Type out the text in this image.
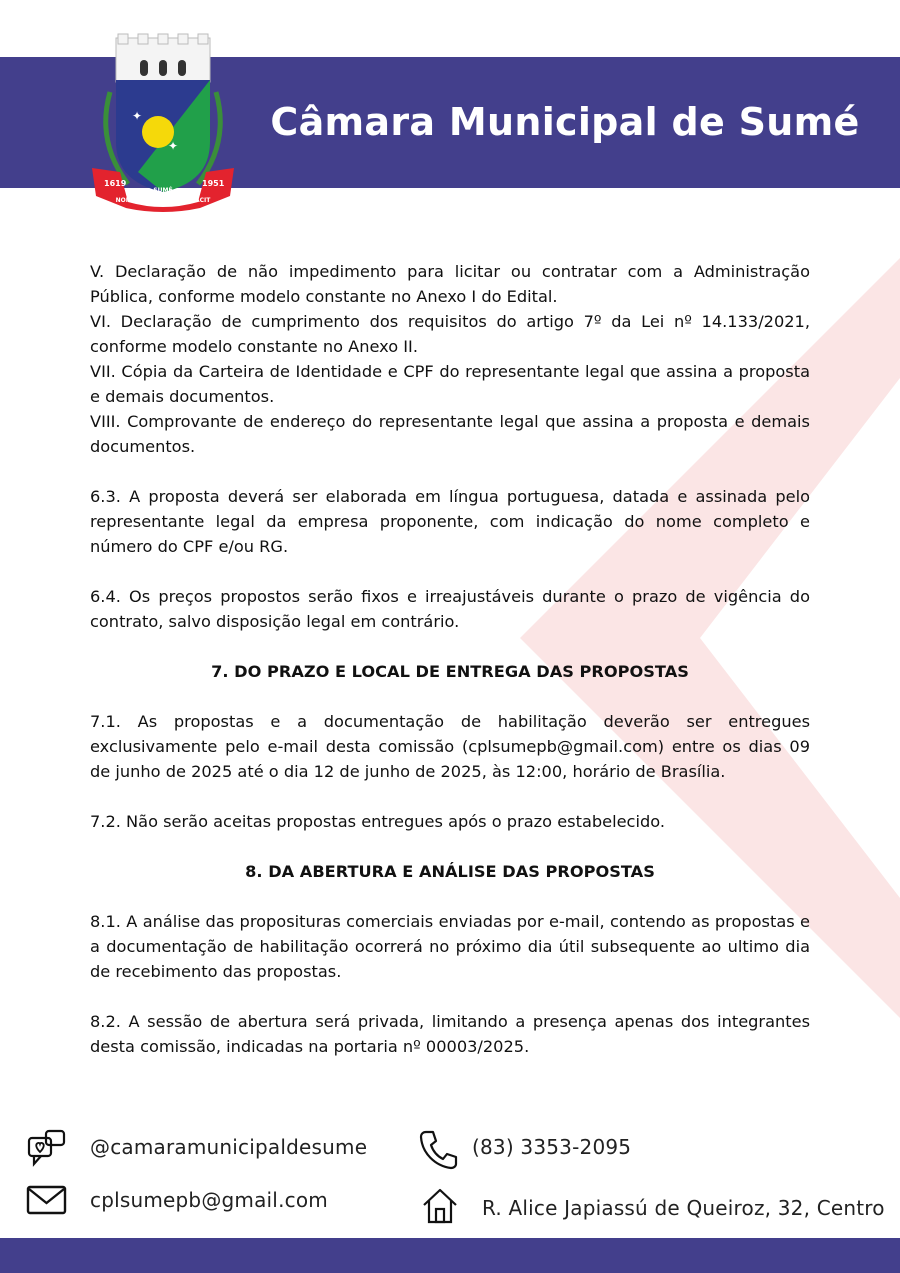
✦
✦
1619	1951
SUMÉ
NOMENIS FELIX AQUA FACIT
Câmara Municipal de Sumé

V. Declaração de não impedimento para licitar ou contratar com a Administração Pública, conforme modelo constante no Anexo I do Edital.

VI. Declaração de cumprimento dos requisitos do artigo 7º da Lei nº 14.133/2021, conforme modelo constante no Anexo II.

VII. Cópia da Carteira de Identidade e CPF do representante legal que assina a proposta e demais documentos.

VIII. Comprovante de endereço do representante legal que assina a proposta e demais documentos.

6.3. A proposta deverá ser elaborada em língua portuguesa, datada e assinada pelo representante legal da empresa proponente, com indicação do nome completo e número do CPF e/ou RG.

6.4. Os preços propostos serão fixos e irreajustáveis durante o prazo de vigência do contrato, salvo disposição legal em contrário.

7. DO PRAZO E LOCAL DE ENTREGA DAS PROPOSTAS

7.1. As propostas e a documentação de habilitação deverão ser entregues exclusivamente pelo e-mail desta comissão (cplsumepb@gmail.com) entre os dias 09 de junho de 2025 até o dia 12 de junho de 2025, às 12:00, horário de Brasília.

7.2. Não serão aceitas propostas entregues após o prazo estabelecido.

8. DA ABERTURA E ANÁLISE DAS PROPOSTAS

8.1. A análise das proposituras comerciais enviadas por e-mail, contendo as propostas e a documentação de habilitação ocorrerá no próximo dia útil subsequente ao ultimo dia de recebimento das propostas.

8.2. A sessão de abertura será privada, limitando a presença apenas dos integrantes desta comissão, indicadas na portaria nº 00003/2025.

@camaramunicipaldesume	(83) 3353-2095
cplsumepb@gmail.com	R. Alice Japiassú de Queiroz, 32, Centro
